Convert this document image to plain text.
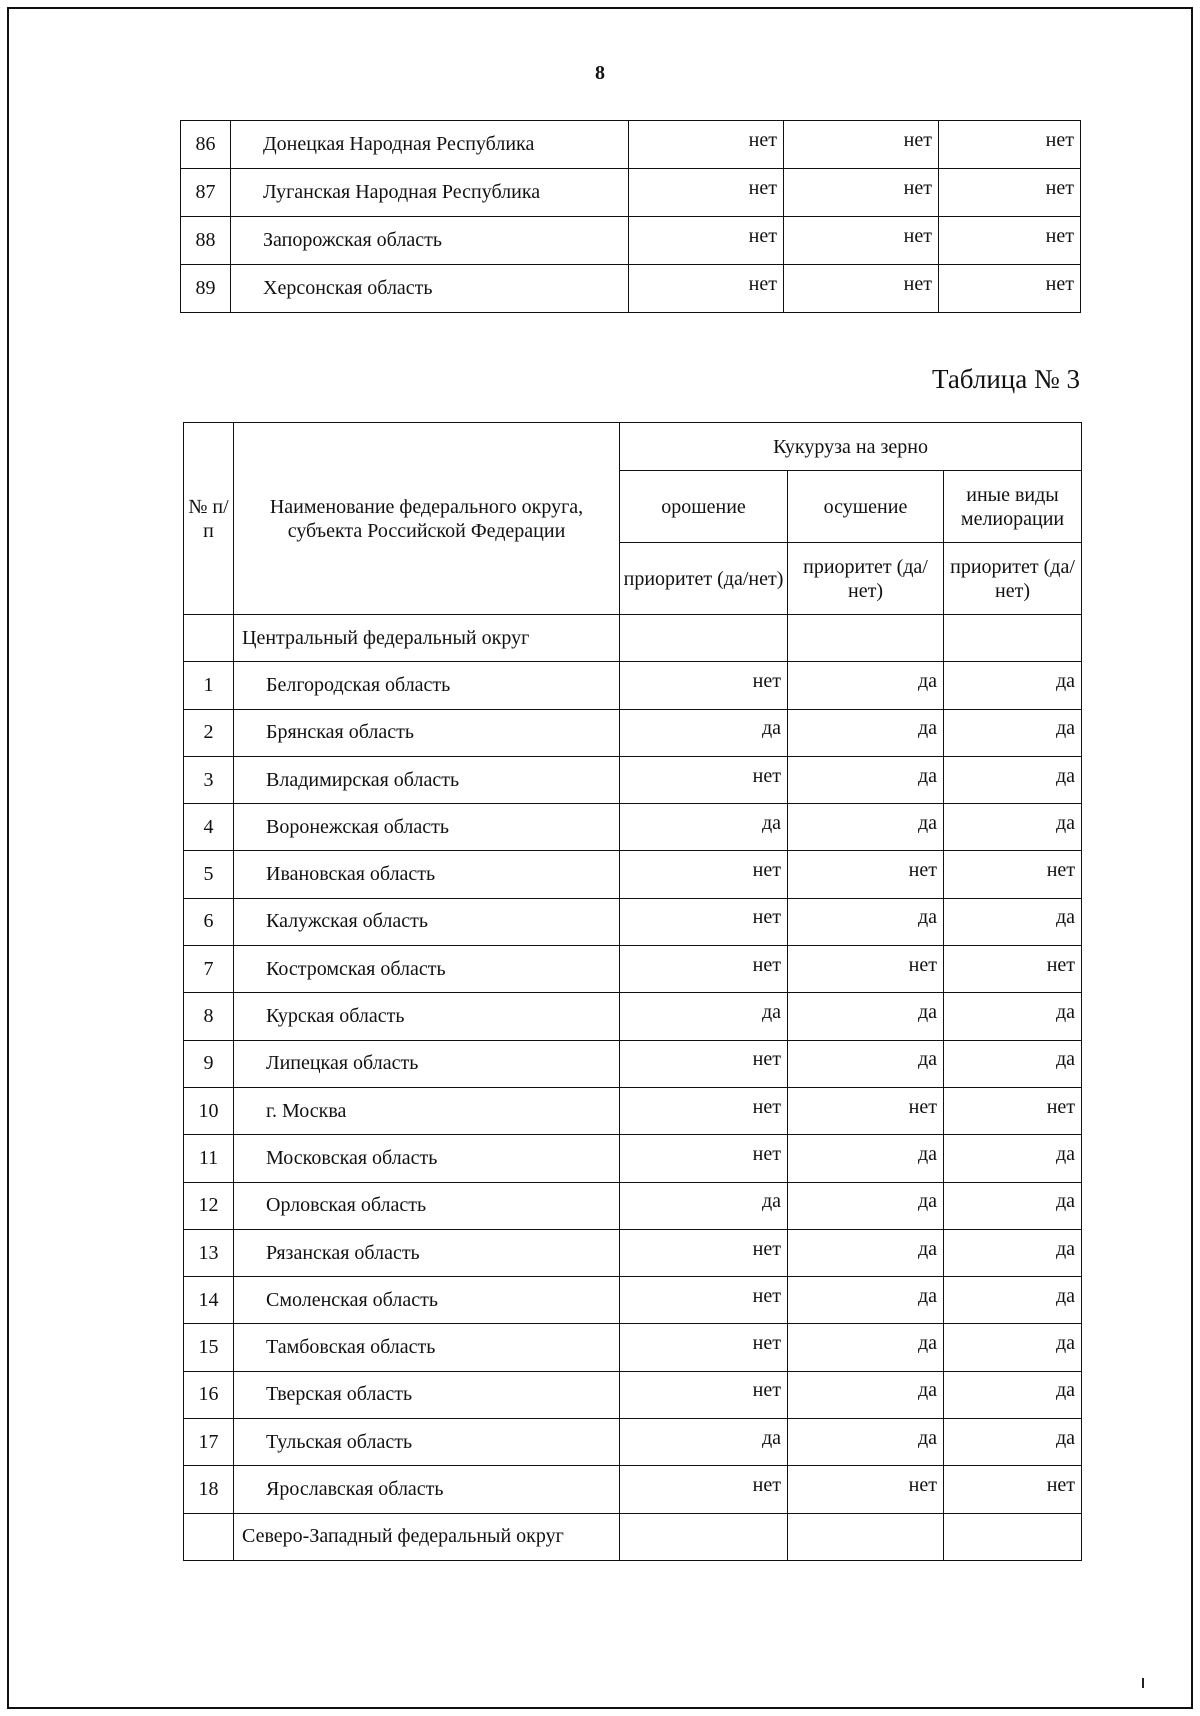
8
86	Донецкая Народная Республика	нет	нет	нет
87	Луганская Народная Республика	нет	нет	нет
88	Запорожская область	нет	нет	нет
89	Херсонская область	нет	нет	нет
Таблица № 3
№ п/п	Наименование федерального округа, субъекта Российской Федерации	Кукуруза на зерно		
		орошение	осушение	иные виды мелиорации
		приоритет (да/нет)	приоритет (да/нет)	приоритет (да/нет)
	Центральный федеральный округ			
1	Белгородская область	нет	да	да
2	Брянская область	да	да	да
3	Владимирская область	нет	да	да
4	Воронежская область	да	да	да
5	Ивановская область	нет	нет	нет
6	Калужская область	нет	да	да
7	Костромская область	нет	нет	нет
8	Курская область	да	да	да
9	Липецкая область	нет	да	да
10	г. Москва	нет	нет	нет
11	Московская область	нет	да	да
12	Орловская область	да	да	да
13	Рязанская область	нет	да	да
14	Смоленская область	нет	да	да
15	Тамбовская область	нет	да	да
16	Тверская область	нет	да	да
17	Тульская область	да	да	да
18	Ярославская область	нет	нет	нет
	Северо-Западный федеральный округ			
